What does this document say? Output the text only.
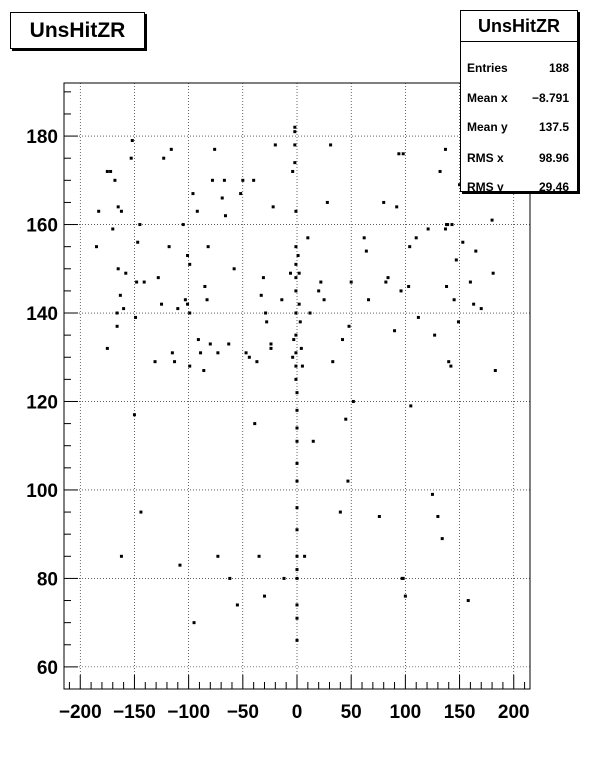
−200 −150 −100 −50 0 50 100 150 200
60
80
100
120
140
160
180
UnsHitZR	UnsHitZR
Entries	188
Mean x −8.791
Mean y	137.5
RMS x	98.96
RMS y	29.46
